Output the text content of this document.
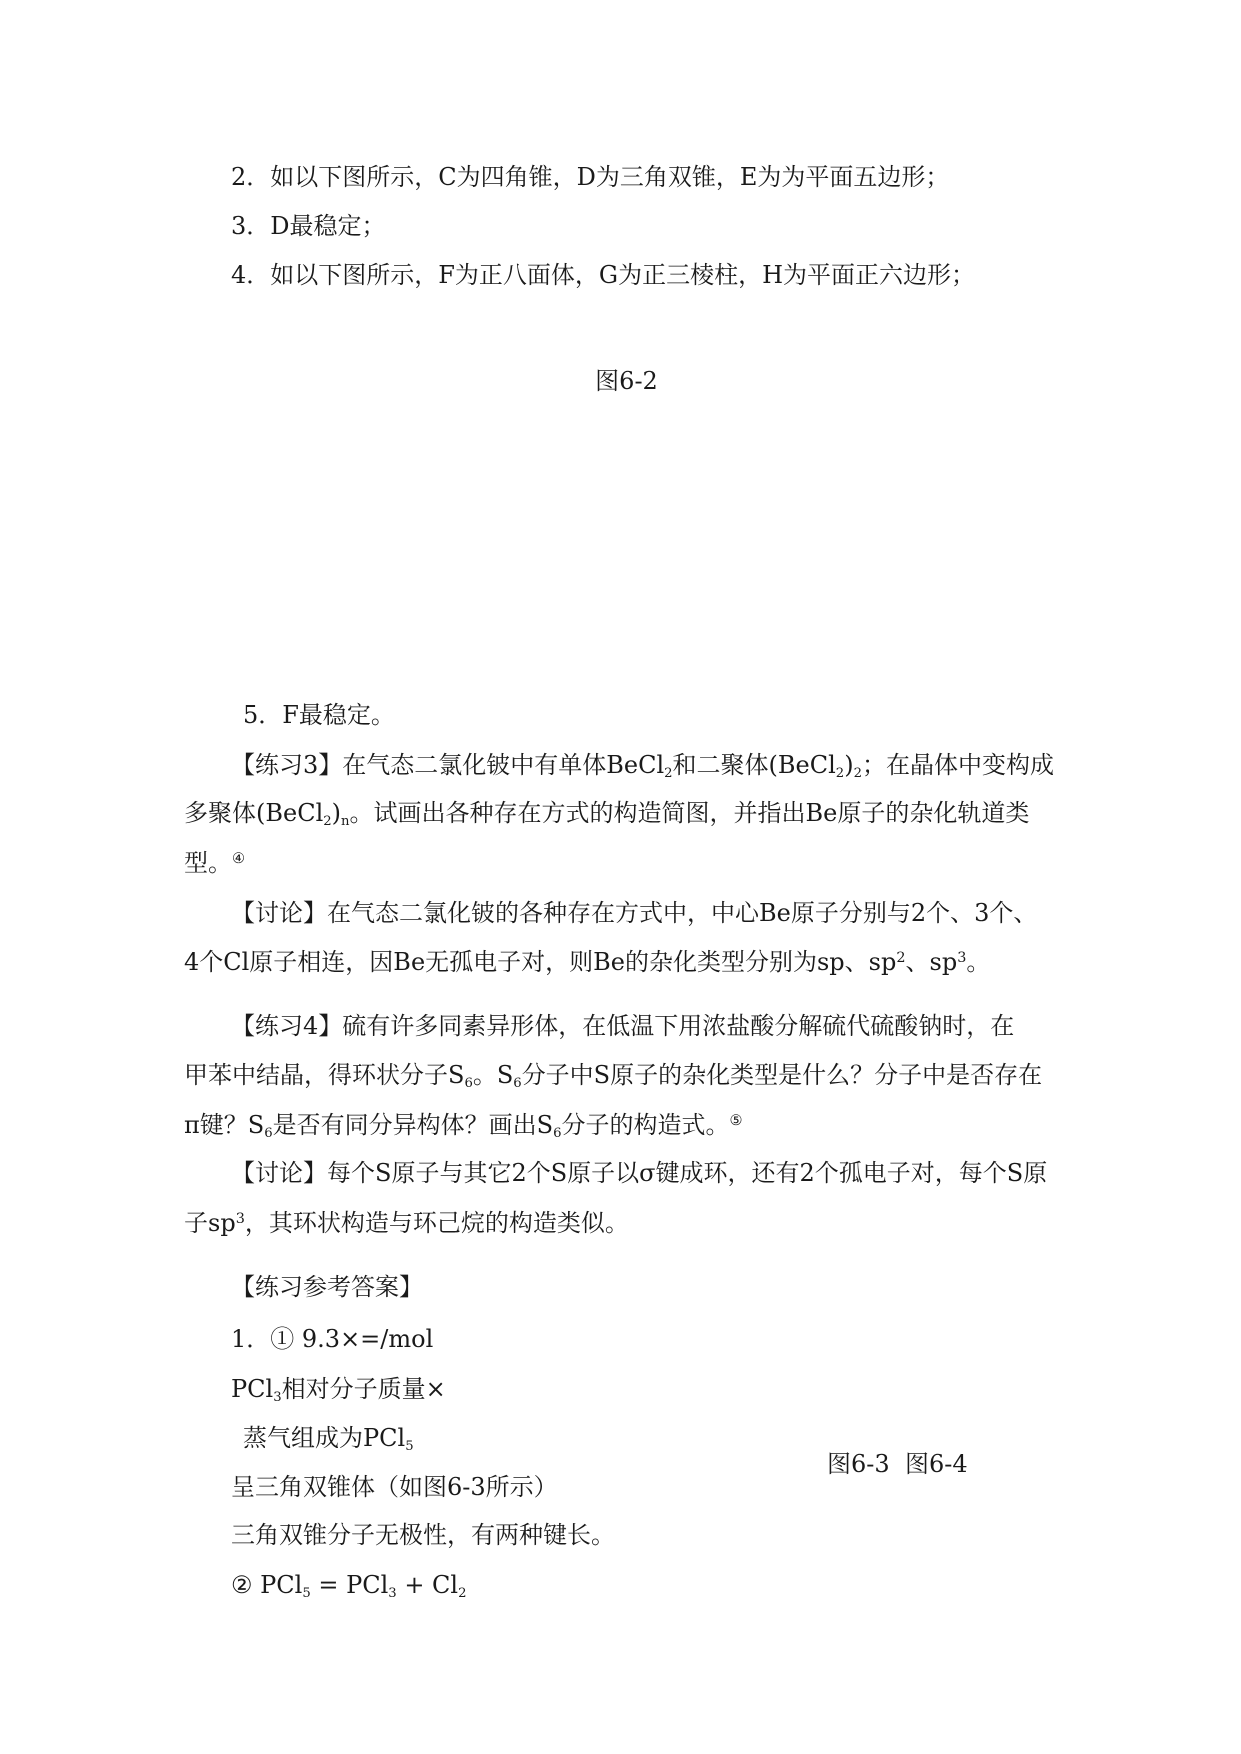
2．如以下图所示，C为四角锥，D为三角双锥，E为为平面五边形；
3．D最稳定；
4．如以下图所示，F为正八面体，G为正三棱柱，H为平面正六边形；
图6-2
5．F最稳定。
【练习3】在气态二氯化铍中有单体BeCl$_2$和二聚体$(BeCl_2)_2$；在晶体中变构成
多聚体$(BeCl_2)_n$。试画出各种存在方式的构造简图，并指出Be原子的杂化轨道类
型。④
【讨论】在气态二氯化铍的各种存在方式中，中心Be原子分别与2个、3个、
4个Cl原子相连，因Be无孤电子对，则Be的杂化类型分别为sp、$sp^2$、$sp^3$。
【练习4】硫有许多同素异形体，在低温下用浓盐酸分解硫代硫酸钠时，在
甲苯中结晶，得环状分子$S_6$。$S_6$分子中S原子的杂化类型是什么？分子中是否存在
π键？$S_6$是否有同分异构体？画出$S_6$分子的构造式。⑤
【讨论】每个S原子与其它2个S原子以σ键成环，还有2个孤电子对，每个S原
子$sp^3$，其环状构造与环己烷的构造类似。
【练习参考答案】
1．① 9.3×=/mol
PCl$_3$相对分子质量×
蒸气组成为PCl$_5$
呈三角双锥体（如图6-3所示）
三角双锥分子无极性，有两种键长。
② $PCl_5 = PCl_3 + Cl_2$
图6-3 图6-4
